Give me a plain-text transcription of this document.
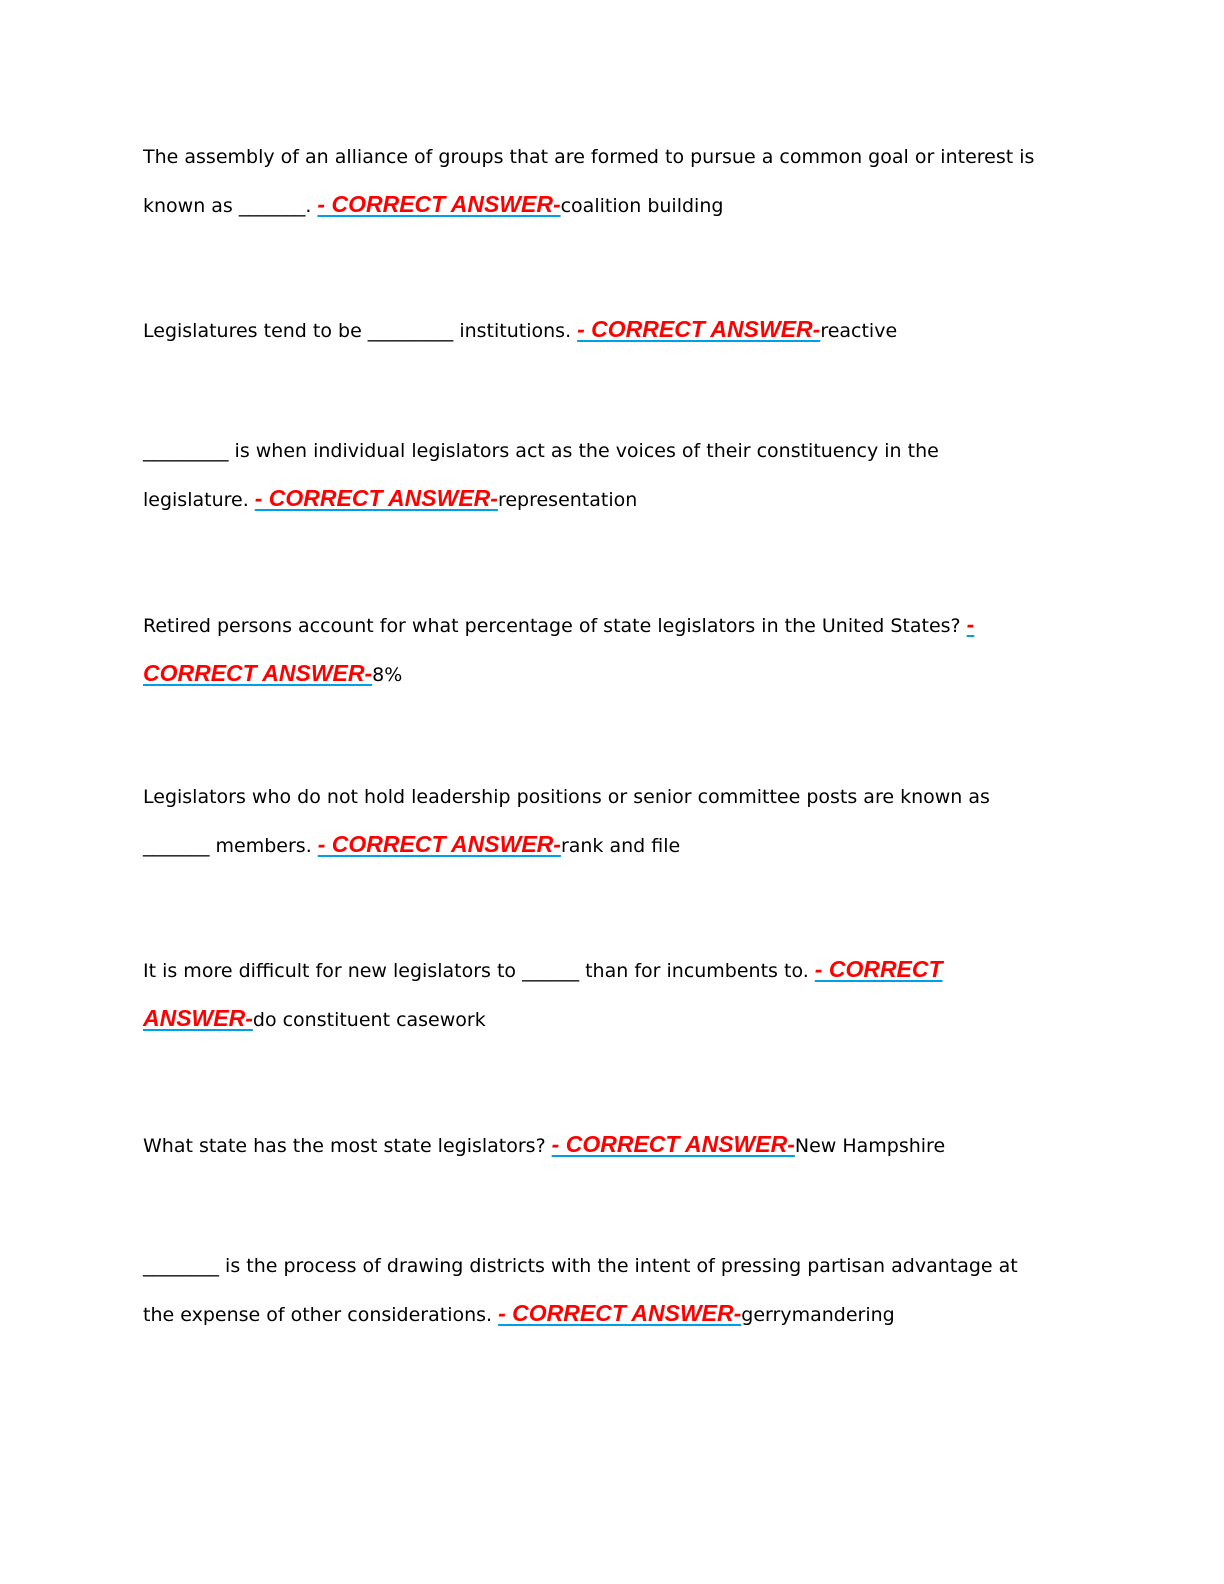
The assembly of an alliance of groups that are formed to pursue a common goal or interest is
known as _______. - CORRECT ANSWER-coalition building
Legislatures tend to be _________ institutions. - CORRECT ANSWER-reactive
_________ is when individual legislators act as the voices of their constituency in the
legislature. - CORRECT ANSWER-representation
Retired persons account for what percentage of state legislators in the United States? -
CORRECT ANSWER-8%
Legislators who do not hold leadership positions or senior committee posts are known as
_______ members. - CORRECT ANSWER-rank and file
It is more difficult for new legislators to ______ than for incumbents to. - CORRECT
ANSWER-do constituent casework
What state has the most state legislators? - CORRECT ANSWER-New Hampshire
________ is the process of drawing districts with the intent of pressing partisan advantage at
the expense of other considerations. - CORRECT ANSWER-gerrymandering
